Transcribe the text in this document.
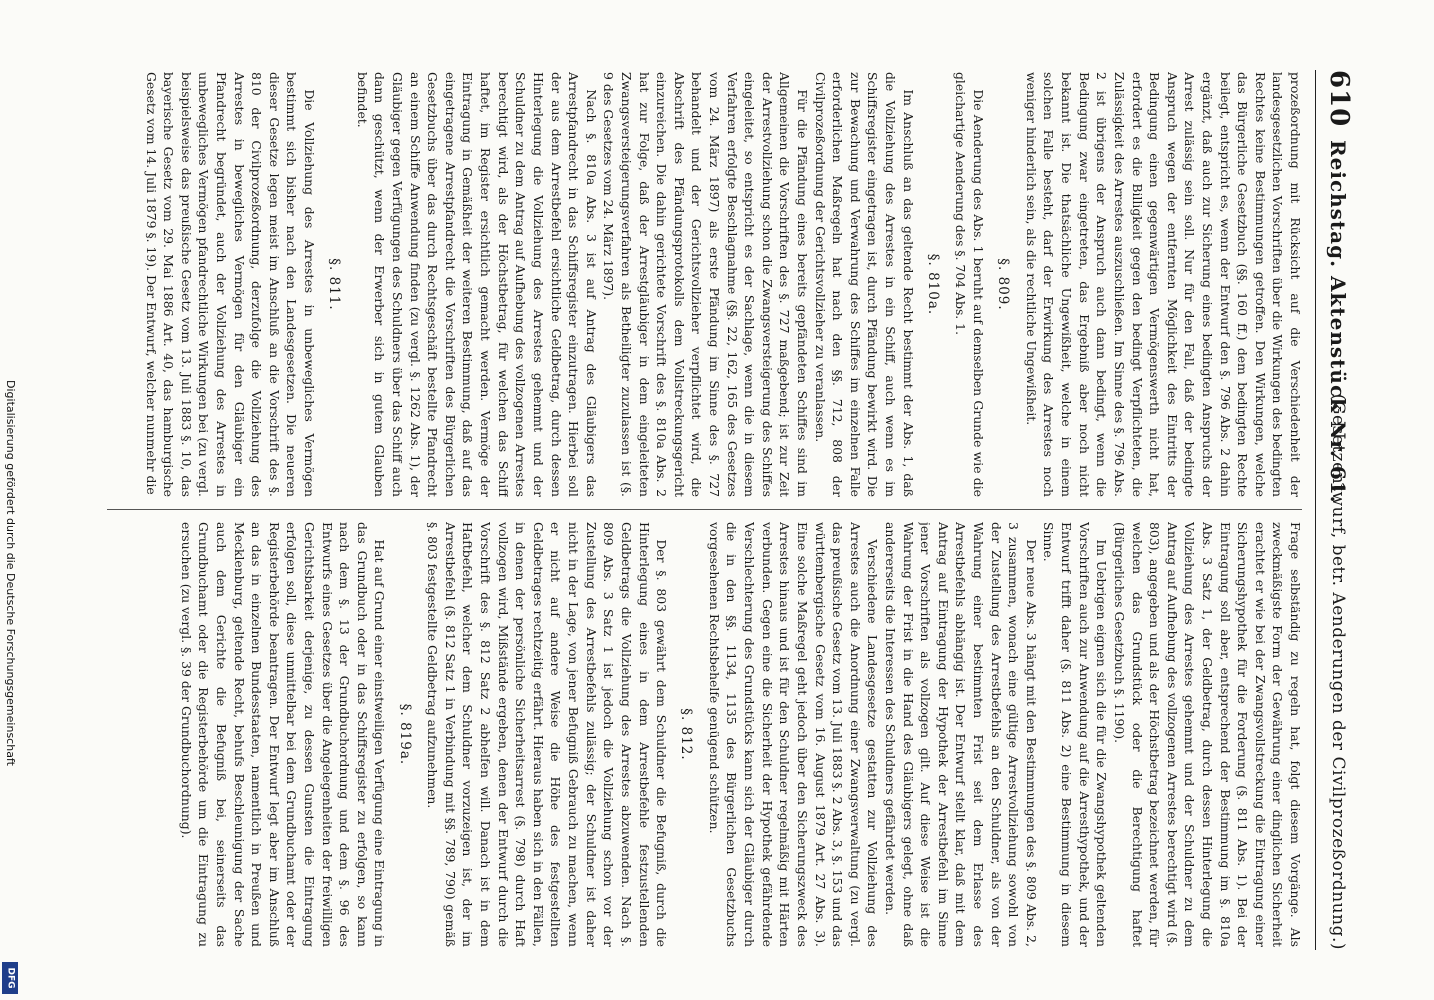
610
Reichstag. Aktenstück Nr. 61.
(Gesetzentwurf, betr. Aenderungen der Civilprozeßordnung.)

prozeßordnung mit Rücksicht auf die Verschiedenheit der landesgesetzlichen Vorschriften über die Wirkungen des bedingten Rechtes keine Bestimmungen getroffen. Den Wirkungen, welche das Bürgerliche Gesetzbuch (§§. 160 ff.) dem bedingten Rechte beilegt, entspricht es, wenn der Entwurf den §. 796 Abs. 2 dahin ergänzt, daß auch zur Sicherung eines bedingten Anspruchs der Arrest zulässig sein soll. Nur für den Fall, daß der bedingte Anspruch wegen der entfernten Möglichkeit des Eintritts der Bedingung einen gegenwärtigen Vermögenswerth nicht hat, erfordert es die Billigkeit gegen den bedingt Verpflichteten, die Zulässigkeit des Arrestes auszuschließen. Im Sinne des §. 796 Abs. 2 ist übrigens der Anspruch auch dann bedingt, wenn die Bedingung zwar eingetreten, das Ergebniß aber noch nicht bekannt ist. Die thatsächliche Ungewißheit, welche in einem solchen Falle besteht, darf der Erwirkung des Arrestes noch weniger hinderlich sein, als die rechtliche Ungewißheit.

§. 809.

Die Aenderung des Abs. 1 beruht auf demselben Grunde wie die gleichartige Aenderung des §. 704 Abs. 1.

§. 810a.

Im Anschluß an das geltende Recht bestimmt der Abs. 1, daß die Vollziehung des Arrestes in ein Schiff, auch wenn es im Schiffsregister eingetragen ist, durch Pfändung bewirkt wird. Die zur Bewachung und Verwahrung des Schiffes im einzelnen Falle erforderlichen Maßregeln hat nach den §§. 712, 808 der Civilprozeßordnung der Gerichtsvollzieher zu veranlassen.

Für die Pfändung eines bereits gepfändeten Schiffes sind im Allgemeinen die Vorschriften des §. 727 maßgebend; ist zur Zeit der Arrestvollziehung schon die Zwangsversteigerung des Schiffes eingeleitet, so entspricht es der Sachlage, wenn die in diesem Verfahren erfolgte Beschlagnahme (§§. 22, 162, 165 des Gesetzes vom 24. März 1897) als erste Pfändung im Sinne des §. 727 behandelt und der Gerichtsvollzieher verpflichtet wird, die Abschrift des Pfändungsprotokolls dem Vollstreckungsgericht einzureichen. Die dahin gerichtete Vorschrift des §. 810a Abs. 2 hat zur Folge, daß der Arrestgläubiger in dem eingeleiteten Zwangsversteigerungsverfahren als Betheiligter zuzulassen ist (§. 9 des Gesetzes vom 24. März 1897).

Nach §. 810a Abs. 3 ist auf Antrag des Gläubigers das Arrestpfandrecht in das Schiffsregister einzutragen. Hierbei soll der aus dem Arrestbefehl ersichtliche Geldbetrag, durch dessen Hinterlegung die Vollziehung des Arrestes gehemmt und der Schuldner zu dem Antrag auf Aufhebung des vollzogenen Arrestes berechtigt wird, als der Höchstbetrag, für welchen das Schiff haftet, im Register ersichtlich gemacht werden. Vermöge der Eintragung in Gemäßheit der weiteren Bestimmung, daß auf das eingetragene Arrestpfandrecht die Vorschriften des Bürgerlichen Gesetzbuchs über das durch Rechtsgeschäft bestellte Pfandrecht an einem Schiffe Anwendung finden (zu vergl. §. 1262 Abs. 1), der Gläubiger gegen Verfügungen des Schuldners über das Schiff auch dann geschützt, wenn der Erwerber sich in gutem Glauben befindet.

§. 811.

Die Vollziehung des Arrestes in unbewegliches Vermögen bestimmt sich bisher nach den Landesgesetzen. Die neueren dieser Gesetze legen meist im Anschluß an die Vorschrift des §. 810 der Civilprozeßordnung, derzufolge die Vollziehung des Arrestes in bewegliches Vermögen für den Gläubiger ein Pfandrecht begründet, auch der Vollziehung des Arrestes in unbewegliches Vermögen pfandrechtliche Wirkungen bei (zu vergl. beispielsweise das preußische Gesetz vom 13. Juli 1883 §. 10, das bayerische Gesetz vom 29. Mai 1886 Art. 40, das hamburgische Gesetz vom 14. Juli 1879 §. 19). Der Entwurf, welcher nunmehr die

Frage selbständig zu regeln hat, folgt diesem Vorgänge. Als zweckmäßigste Form der Gewährung einer dinglichen Sicherheit erachtet er wie bei der Zwangsvollstreckung die Eintragung einer Sicherungshypothek für die Forderung (§. 811 Abs. 1). Bei der Eintragung soll aber, entsprechend der Bestimmung im §. 810a Abs. 3 Satz 1, der Geldbetrag, durch dessen Hinterlegung die Vollziehung des Arrestes gehemmt und der Schuldner zu dem Antrag auf Aufhebung des vollzogenen Arrestes berechtigt wird (§. 803), angegeben und als der Höchstbetrag bezeichnet werden, für welchen das Grundstück oder die Berechtigung haftet (Bürgerliches Gesetzbuch §. 1190).

Im Uebrigen eignen sich die für die Zwangshypothek geltenden Vorschriften auch zur Anwendung auf die Arresthypothek, und der Entwurf trifft daher (§. 811 Abs. 2) eine Bestimmung in diesem Sinne.

Der neue Abs. 3 hängt mit den Bestimmungen des §. 809 Abs. 2, 3 zusammen, wonach eine gültige Arrestvollziehung sowohl von der Zustellung des Arrestbefehls an den Schuldner, als von der Wahrung einer bestimmten Frist seit dem Erlasse des Arrestbefehls abhängig ist. Der Entwurf stellt klar, daß mit dem Antrag auf Eintragung der Hypothek der Arrestbefehl im Sinne jener Vorschriften als vollzogen gilt. Auf diese Weise ist die Wahrung der Frist in die Hand des Gläubigers gelegt, ohne daß andererseits die Interessen des Schuldners gefährdet werden.

Verschiedene Landesgesetze gestatten zur Vollziehung des Arrestes auch die Anordnung einer Zwangsverwaltung (zu vergl. das preußische Gesetz vom 13. Juli 1883 §. 2 Abs. 3, §. 153 und das württembergische Gesetz vom 16. August 1879 Art. 27 Abs. 3). Eine solche Maßregel geht jedoch über den Sicherungszweck des Arrestes hinaus und ist für den Schuldner regelmäßig mit Härten verbunden. Gegen eine die Sicherheit der Hypothek gefährdende Verschlechterung des Grundstücks kann sich der Gläubiger durch die in den §§. 1134, 1135 des Bürgerlichen Gesetzbuchs vorgesehenen Rechtsbehelfe genügend schützen.

§. 812.

Der §. 803 gewährt dem Schuldner die Befugniß, durch die Hinterlegung eines in dem Arrestbefehle festzustellenden Geldbetrags die Vollziehung des Arrestes abzuwenden. Nach §. 809 Abs. 3 Satz 1 ist jedoch die Vollziehung schon vor der Zustellung des Arrestbefehls zulässig; der Schuldner ist daher nicht in der Lage, von jener Befugniß Gebrauch zu machen, wenn er nicht auf andere Weise die Höhe des festgestellten Geldbetrages rechtzeitig erfährt. Hieraus haben sich in den Fällen, in denen der persönliche Sicherheitsarrest (§. 798) durch Haft vollzogen wird, Mißstände ergeben, denen der Entwurf durch die Vorschrift des §. 812 Satz 2 abhelfen will. Danach ist in dem Haftbefehl, welcher dem Schuldner vorzuzeigen ist, der im Arrestbefehl (§. 812 Satz 1 in Verbindung mit §§. 789, 790) gemäß §. 803 festgestellte Geldbetrag aufzunehmen.

§. 819a.

Hat auf Grund einer einstweiligen Verfügung eine Eintragung in das Grundbuch oder in das Schiffsregister zu erfolgen, so kann nach dem §. 13 der Grundbuchordnung und dem §. 96 des Entwurfs eines Gesetzes über die Angelegenheiten der freiwilligen Gerichtsbarkeit derjenige, zu dessen Gunsten die Eintragung erfolgen soll, diese unmittelbar bei dem Grundbuchamt oder der Registerbehörde beantragen. Der Entwurf legt aber im Anschluß an das in einzelnen Bundesstaaten, namentlich in Preußen und Mecklenburg, geltende Recht, behufs Beschleunigung der Sache auch dem Gerichte die Befugniß bei, seinerseits das Grundbuchamt oder die Registerbehörde um die Eintragung zu ersuchen (zu vergl. §. 39 der Grundbuchordnung).

Digitalisierung gefördert durch die Deutsche Forschungsgemeinschaft
DFG
